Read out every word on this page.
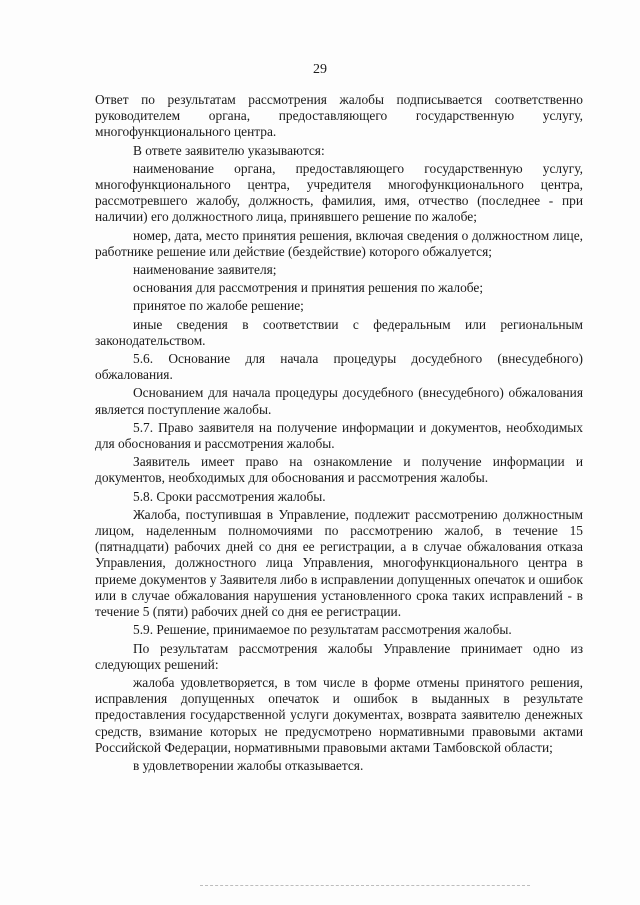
29

Ответ по результатам рассмотрения жалобы подписывается соответственно руководителем органа, предоставляющего государственную услугу, многофункционального центра.

В ответе заявителю указываются:

наименование органа, предоставляющего государственную услугу, многофункционального центра, учредителя многофункционального центра, рассмотревшего жалобу, должность, фамилия, имя, отчество (последнее - при наличии) его должностного лица, принявшего решение по жалобе;

номер, дата, место принятия решения, включая сведения о должностном лице, работнике решение или действие (бездействие) которого обжалуется;

наименование заявителя;

основания для рассмотрения и принятия решения по жалобе;

принятое по жалобе решение;

иные сведения в соответствии с федеральным или региональным законодательством.

5.6. Основание для начала процедуры досудебного (внесудебного) обжалования.

Основанием для начала процедуры досудебного (внесудебного) обжалования является поступление жалобы.

5.7. Право заявителя на получение информации и документов, необходимых для обоснования и рассмотрения жалобы.

Заявитель имеет право на ознакомление и получение информации и документов, необходимых для обоснования и рассмотрения жалобы.

5.8. Сроки рассмотрения жалобы.

Жалоба, поступившая в Управление, подлежит рассмотрению должностным лицом, наделенным полномочиями по рассмотрению жалоб, в течение 15 (пятнадцати) рабочих дней со дня ее регистрации, а в случае обжалования отказа Управления, должностного лица Управления, многофункционального центра в приеме документов у Заявителя либо в исправлении допущенных опечаток и ошибок или в случае обжалования нарушения установленного срока таких исправлений - в течение 5 (пяти) рабочих дней со дня ее регистрации.

5.9. Решение, принимаемое по результатам рассмотрения жалобы.

По результатам рассмотрения жалобы Управление принимает одно из следующих решений:

жалоба удовлетворяется, в том числе в форме отмены принятого решения, исправления допущенных опечаток и ошибок в выданных в результате предоставления государственной услуги документах, возврата заявителю денежных средств, взимание которых не предусмотрено нормативными правовыми актами Российской Федерации, нормативными правовыми актами Тамбовской области;

в удовлетворении жалобы отказывается.
